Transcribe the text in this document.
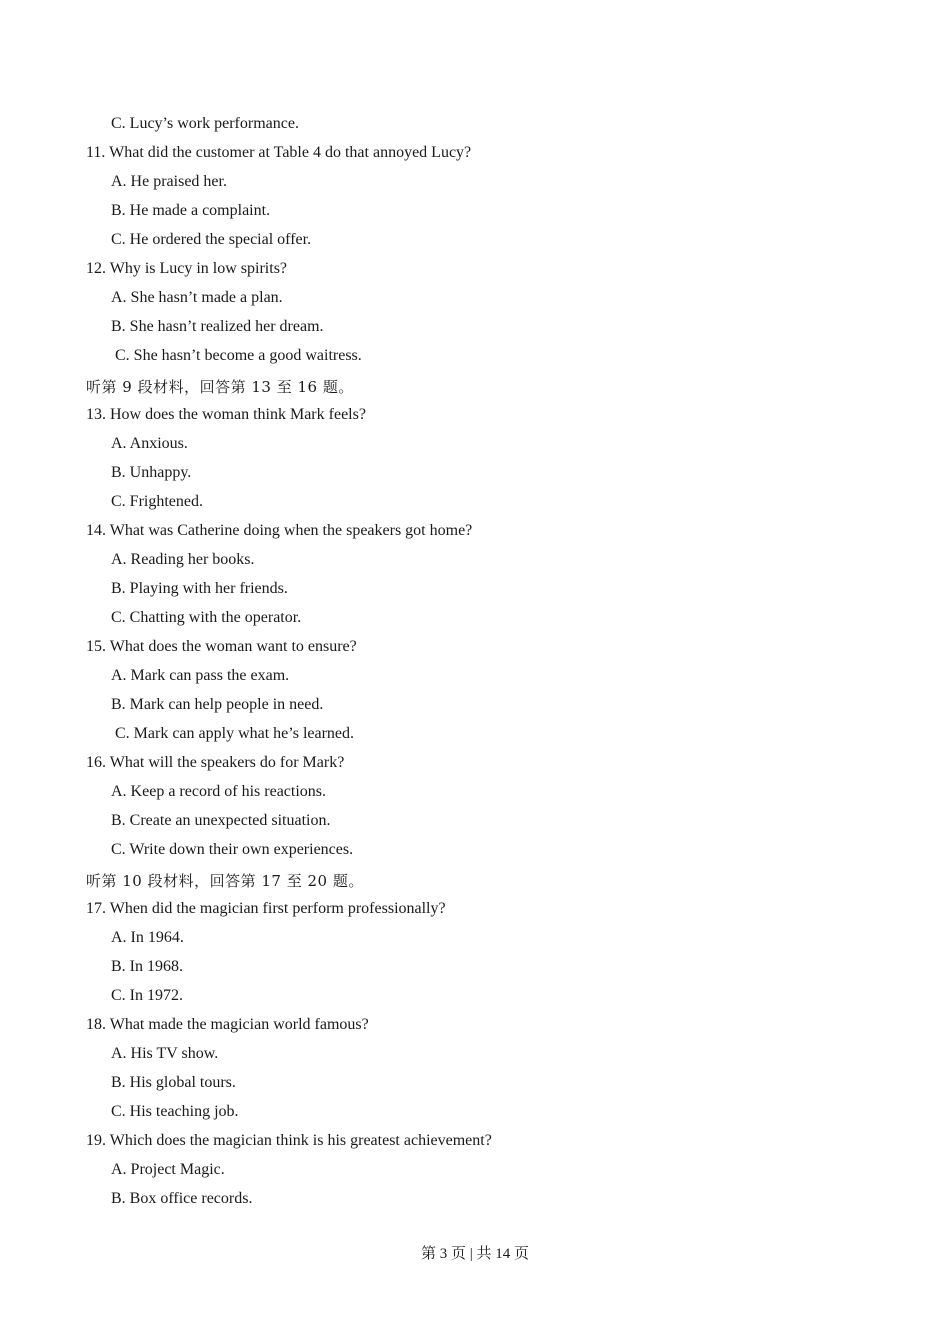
C. Lucy’s work performance.
11. What did the customer at Table 4 do that annoyed Lucy?
A. He praised her.
B. He made a complaint.
C. He ordered the special offer.
12. Why is Lucy in low spirits?
A. She hasn’t made a plan.
B. She hasn’t realized her dream.
C. She hasn’t become a good waitress.
听第 9 段材料，回答第 13 至 16 题。
13. How does the woman think Mark feels?
A. Anxious.
B. Unhappy.
C. Frightened.
14. What was Catherine doing when the speakers got home?
A. Reading her books.
B. Playing with her friends.
C. Chatting with the operator.
15. What does the woman want to ensure?
A. Mark can pass the exam.
B. Mark can help people in need.
C. Mark can apply what he’s learned.
16. What will the speakers do for Mark?
A. Keep a record of his reactions.
B. Create an unexpected situation.
C. Write down their own experiences.
听第 10 段材料，回答第 17 至 20 题。
17. When did the magician first perform professionally?
A. In 1964.
B. In 1968.
C. In 1972.
18. What made the magician world famous?
A. His TV show.
B. His global tours.
C. His teaching job.
19. Which does the magician think is his greatest achievement?
A. Project Magic.
B. Box office records.
第 3 页 | 共 14 页
